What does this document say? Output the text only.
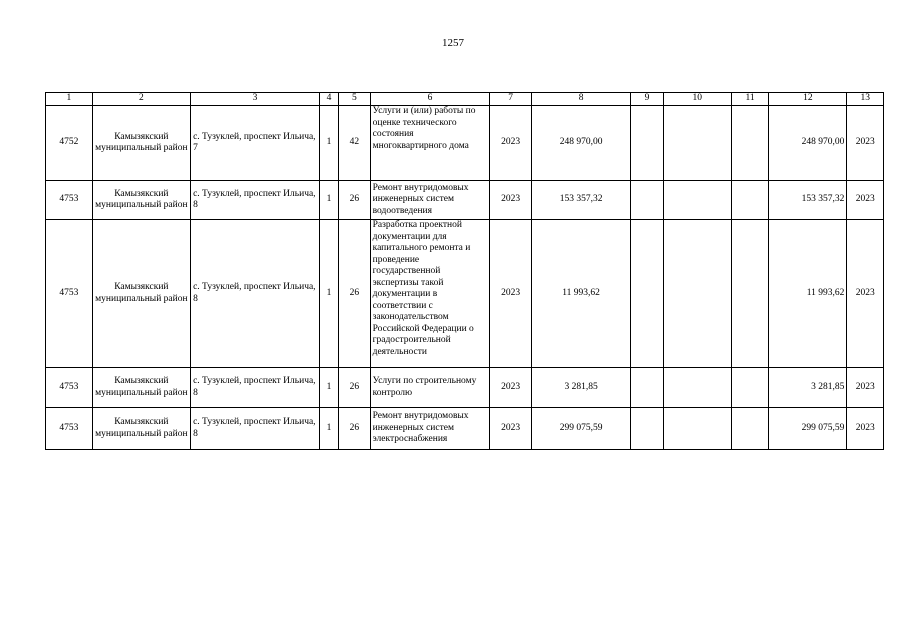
1257
1	2	3	4	5	6	7	8	9	10	11	12	13
4752	Камызякский муниципальный район	с. Тузуклей, проспект Ильича, 7	1	42	Услуги и (или) работы по оценке технического состояния многоквартирного дома	2023	248 970,00				248 970,00	2023
4753	Камызякский муниципальный район	с. Тузуклей, проспект Ильича, 8	1	26	Ремонт внутридомовых инженерных систем водоотведения	2023	153 357,32				153 357,32	2023
4753	Камызякский муниципальный район	с. Тузуклей, проспект Ильича, 8	1	26	Разработка проектной документации для капитального ремонта и проведение государственной экспертизы такой документации в соответствии с законодательством Российской Федерации о градостроительной деятельности	2023	11 993,62				11 993,62	2023
4753	Камызякский муниципальный район	с. Тузуклей, проспект Ильича, 8	1	26	Услуги по строительному контролю	2023	3 281,85				3 281,85	2023
4753	Камызякский муниципальный район	с. Тузуклей, проспект Ильича, 8	1	26	Ремонт внутридомовых инженерных систем электроснабжения	2023	299 075,59				299 075,59	2023
